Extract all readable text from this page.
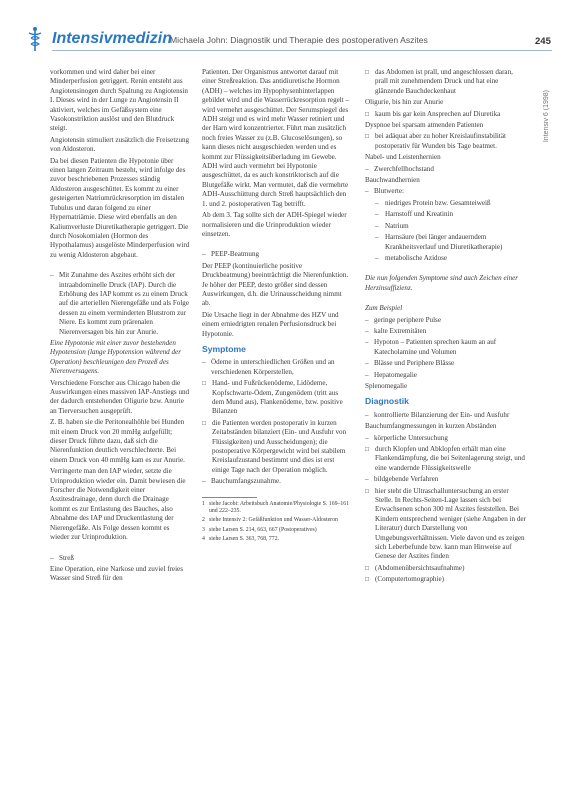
Intensivmedizin
Michaela John: Diagnostik und Therapie des postoperativen Aszites	245
Intensiv 6 (1998)

vorkommen und wird daher bei einer Minderperfusion getriggert. Renin entsteht aus Angiotensinogen durch Spaltung zu Angiotensin I. Dieses wird in der Lunge zu Angiotensin II aktiviert, welches im Gefäßsystem eine Vasokonstriktion auslöst und den Blutdruck steigt.

Angiotensin stimuliert zusätzlich die Freisetzung von Aldosteron.

Da bei diesen Patienten die Hypotonie über einen langen Zeitraum besteht, wird infolge des zuvor beschriebenen Prozesses ständig Aldosteron ausgeschüttet. Es kommt zu einer gesteigerten Natriumrückresorption im distalen Tubulus und daran folgend zu einer Hypernatriämie. Diese wird ebenfalls an den Kaliumverluste Diuretikatherapie getriggert. Die durch Nosokomialen (Hormon des Hypothalamus) ausgelöste Minderperfusion wird zu wenig Aldosteron abgebaut.

– Mit Zunahme des Aszites erhöht sich der intraabdominelle Druck (IAP). Durch die Erhöhung des IAP kommt es zu einem Druck auf die arteriellen Nierengefäße und als Folge dessen zu einem verminderten Blutstrom zur Niere. Es kommt zum prärenalen Nierenversagen bis hin zur Anurie.

Eine Hypotonie mit einer zuvor bestehenden Hypotension (lange Hypotension während der Operation) beschleunigen den Prozeß des Nierenversagens.

Verschiedene Forscher aus Chicago haben die Auswirkungen eines massiven IAP-Anstiegs und der dadurch entstehenden Oligurie bzw. Anurie an Tierversuchen ausgeprüft.

Z. B. haben sie die Peritonealhöhle bei Hunden mit einem Druck von 20 mmHg aufgefüllt; dieser Druck führte dazu, daß sich die Nierenfunktion deutlich verschlechterte. Bei einem Druck von 40 mmHg kam es zur Anurie.

Verringerte man den IAP wieder, setzte die Urinproduktion wieder ein. Damit bewiesen die Forscher die Notwendigkeit einer Aszitesdrainage, denn durch die Drainage kommt es zur Entlastung des Bauches, also Abnahme des IAP und Druckentlastung der Nierengefäße. Als Folge dessen kommt es wieder zur Urinproduktion.

– Streß

Eine Operation, eine Narkose und zuviel freies Wasser sind Streß für den

Patienten. Der Organismus antwortet darauf mit einer Streßreaktion. Das antidiuretische Hormon (ADH) – welches im Hypophysenhinterlappen gebildet wird und die Wasserrückresorption regelt – wird vermehrt ausgeschüttet. Der Serumspiegel des ADH steigt und es wird mehr Wasser retiniert und der Harn wird konzentrierter. Führt man zusätzlich noch freies Wasser zu (z.B. Glucoselösungen), so kann dieses nicht ausgeschieden werden und es kommt zur Flüssigkeitsüberladung im Gewebe. ADH wird auch vermehrt bei Hypotonie ausgeschüttet, da es auch konstriktorisch auf die Blutgefäße wirkt. Man vermutet, daß die vermehrte ADH-Ausschüttung durch Streß hauptsächlich den 1. und 2. postoperativen Tag betrifft.

Ab dem 3. Tag sollte sich der ADH-Spiegel wieder normalisieren und die Urinproduktion wieder einsetzen.

– PEEP-Beatmung

Der PEEP (kontinuierliche positive Druckbeatmung) beeinträchtigt die Nierenfunktion. Je höher der PEEP, desto größer sind dessen Auswirkungen, d.h. die Urinausscheidung nimmt ab.

Die Ursache liegt in der Abnahme des HZV und einem erniedrigten renalen Perfusionsdruck bei Hypotonie.

Symptome

– Ödeme in unterschiedlichen Größen und an verschiedenen Körperstellen,

□ Hand- und Fußrückenödeme, Lidödeme, Kopfschwarte-Ödem, Zungenödem (tritt aus dem Mund aus), Flankenödeme, bzw. positive Bilanzen

□ die Patienten werden postoperativ in kurzen Zeitabständen bilanziert (Ein- und Ausfuhr von Flüssigkeiten) und Ausscheidungen); die postoperative Körpergewicht wird bei stabilem Kreislaufzustand bestimmt und dies ist erst einige Tage nach der Operation möglich.

– Bauchumfangszunahme.

1 siehe Jacobi: Arbeitsbuch Anatomie/Physiologie S. 169–161 und 222–235.

2 siehe Intensiv 2: Gefäßfunktion und Wasser-Aldosteron

3 siehe Larsen S. 214, 663, 667 (Postoperatives)

4 siehe Larsen S. 363, 768, 772.

□ das Abdomen ist prall, und angeschlossen daran, prall mit zunehmendem Druck und hat eine glänzende Bauchdeckenhaut

Oligurie, bis hin zur Anurie

□ kaum bis gar kein Ansprechen auf Diuretika

Dyspnoe bei sparsam atmenden Patienten

□ bei adäquat aber zu hoher Kreislaufinstabilität postoperativ für Wunden bis Tage beatmet.

Nabel- und Leistenhernien

– Zwerchfellhochstand

Bauchwandhernien

– Blutwerte:

– niedriges Protein bzw. Gesamteiweiß

– Harnstoff und Kreatinin

– Natrium

– Harnsäure (bei länger andauerndem Krankheitsverlauf und Diuretikatherapie)

– metabolische Azidose

Die nun folgenden Symptome sind auch Zeichen einer Herzinsuffizienz.

Zum Beispiel

– geringe periphere Pulse

– kalte Extremitäten

– Hypoton – Patienten sprechen kaum an auf Katecholamine und Volumen

– Blässe und Periphere Blässe

– Hepatomegalie

Splenomegalie

Diagnostik

– kontrollierte Bilanzierung der Ein- und Ausfuhr

Bauchumfangmessungen in kurzen Abständen

– körperliche Untersuchung

□ durch Klopfen und Abklopfen erhält man eine Flankendämpfung, die bei Seitenlagerung steigt, und eine wandernde Flüssigkeitswelle

– bildgebende Verfahren

□ hier steht die Ultraschalluntersuchung an erster Stelle. In Rechts-Seiten-Lage lassen sich bei Erwachsenen schon 300 ml Aszites feststellen. Bei Kindern entsprechend weniger (siehe Angaben in der Literatur) durch Darstellung von Umgebungsverhältnissen. Viele davon und es zeigen sich Leberbefunde bzw. kann man Hinweise auf Genese der Aszites finden

□ (Abdomenübersichtsaufnahme)

□ (Computertomographie)
